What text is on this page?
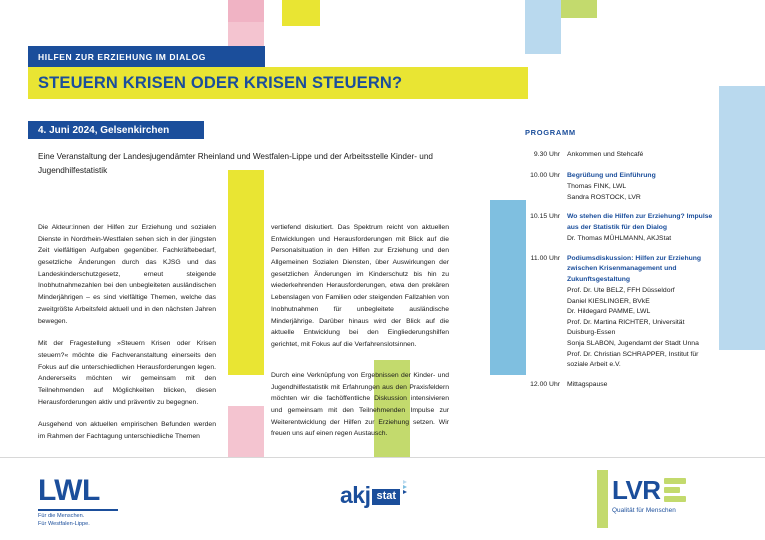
HILFEN ZUR ERZIEHUNG IM DIALOG
STEUERN KRISEN ODER KRISEN STEUERN?
4. Juni 2024, Gelsenkirchen
Eine Veranstaltung der Landesjugendämter Rheinland und Westfalen-Lippe und der Arbeitsstelle Kinder- und Jugendhilfestatistik

Die Akteur:innen der Hilfen zur Erziehung und sozialen Dienste in Nordrhein-Westfalen sehen sich in der jüngsten Zeit vielfältigen Aufgaben gegenüber. Fachkräftebedarf, gesetzliche Änderungen durch das KJSG und das Landeskinderschutzgesetz, erneut steigende Inobhutnahmezahlen bei den unbegleiteten ausländischen Minderjährigen – es sind vielfältige Themen, welche das zweitgrößte Arbeitsfeld aktuell und in den nächsten Jahren bewegen.

Mit der Fragestellung »Steuern Krisen oder Krisen steuern?« möchte die Fachveranstaltung einerseits den Fokus auf die unterschiedlichen Herausforderungen legen. Andererseits möchten wir gemeinsam mit den Teilnehmenden auf Möglichkeiten blicken, diesen Herausforderungen aktiv und präventiv zu begegnen.

Ausgehend von aktuellen empirischen Befunden werden im Rahmen der Fachtagung unterschiedliche Themen

vertiefend diskutiert. Das Spektrum reicht von aktuellen Entwicklungen und Herausforderungen mit Blick auf die Personalsituation in den Hilfen zur Erziehung und den Allgemeinen Sozialen Diensten, über Auswirkungen der gesetzlichen Änderungen im Kinderschutz bis hin zu wiederkehrenden Herausforderungen, etwa den prekären Lebenslagen von Familien oder steigenden Fallzahlen von Inobhutnahmen für unbegleitete ausländische Minderjährige. Darüber hinaus wird der Blick auf die aktuelle Entwicklung bei den Eingliederungshilfen gerichtet, mit Fokus auf die Verfahrenslotsinnen.

Durch eine Verknüpfung von Ergebnissen der Kinder- und Jugendhilfestatistik mit Erfahrungen aus den Praxisfeldern möchten wir die fachöffentliche Diskussion intensivieren und gemeinsam mit den Teilnehmenden Impulse zur Weiterentwicklung der Hilfen zur Erziehung setzen. Wir freuen uns auf einen regen Austausch.

PROGRAMM
9.30 Uhr	Ankommen und Stehcafé
10.00 Uhr	Begrüßung und Einführung
Thomas FINK, LWL
Sandra ROSTOCK, LVR
10.15 Uhr	Wo stehen die Hilfen zur Erziehung? Impulse aus der Statistik für den Dialog
Dr. Thomas MÜHLMANN, AKJStat
11.00 Uhr	Podiumsdiskussion: Hilfen zur Erziehung zwischen Krisenmanagement und Zukunftsgestaltung
Prof. Dr. Ute BELZ, FFH Düsseldorf
Daniel KIESLINGER, BVkE
Dr. Hildegard PAMME, LWL
Prof. Dr. Martina RICHTER, Universität Duisburg-Essen
Sonja SLABON, Jugendamt der Stadt Unna
Prof. Dr. Christian SCHRAPPER, Institut für soziale Arbeit e.V.
12.00 Uhr	Mittagspause
LWL
Für die Menschen.
Für Westfalen-Lippe.
akj stat	LVR
Qualität für Menschen
